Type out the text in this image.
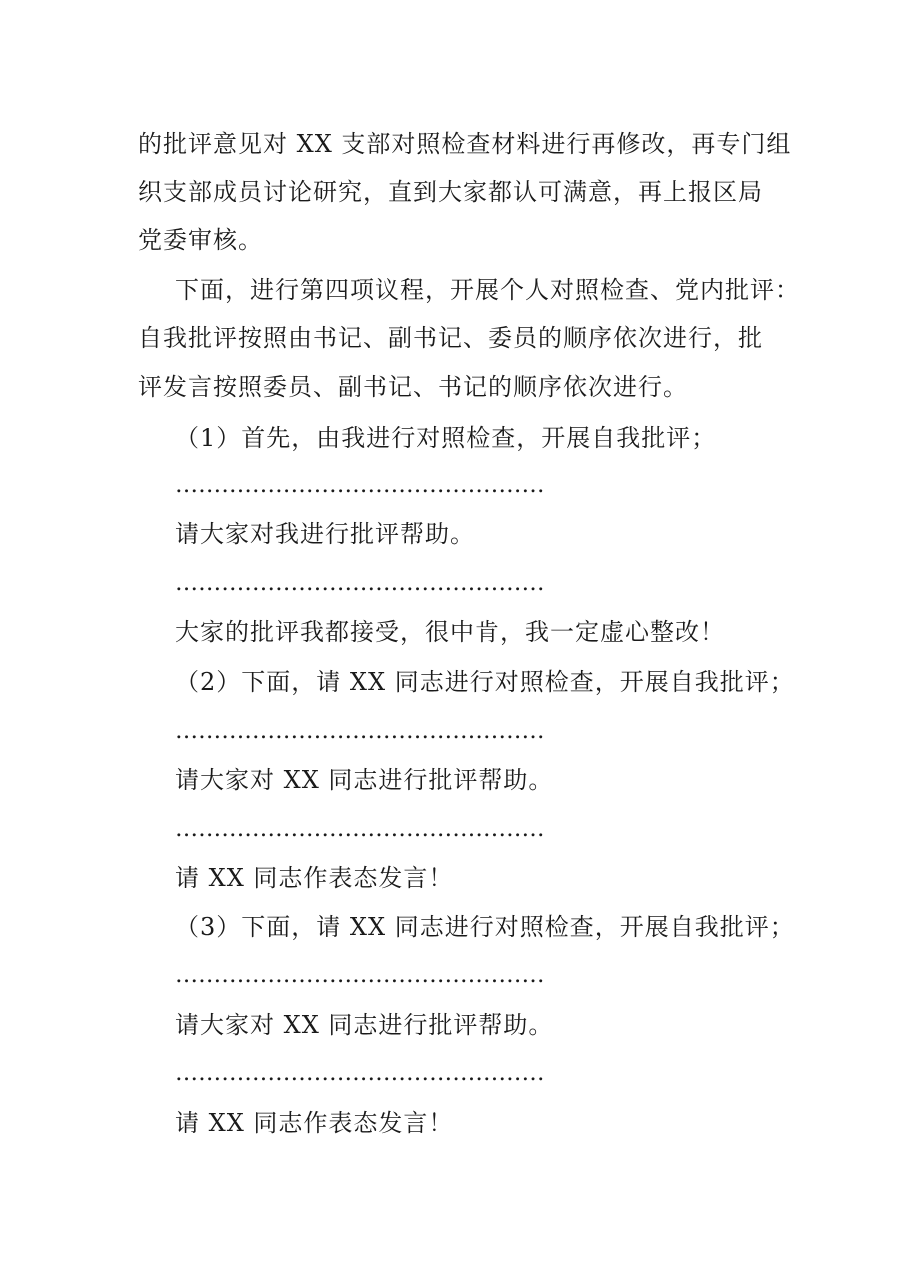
的批评意见对 XX 支部对照检查材料进行再修改，再专门组
织支部成员讨论研究，直到大家都认可满意，再上报区局
党委审核。
下面，进行第四项议程，开展个人对照检查、党内批评：
自我批评按照由书记、副书记、委员的顺序依次进行，批
评发言按照委员、副书记、书记的顺序依次进行。
（1）首先，由我进行对照检查，开展自我批评；
…………………………………………
请大家对我进行批评帮助。
…………………………………………
大家的批评我都接受，很中肯，我一定虚心整改！
（2）下面，请 XX 同志进行对照检查，开展自我批评；
…………………………………………
请大家对 XX 同志进行批评帮助。
…………………………………………
请 XX 同志作表态发言！
（3）下面，请 XX 同志进行对照检查，开展自我批评；
…………………………………………
请大家对 XX 同志进行批评帮助。
…………………………………………
请 XX 同志作表态发言！
